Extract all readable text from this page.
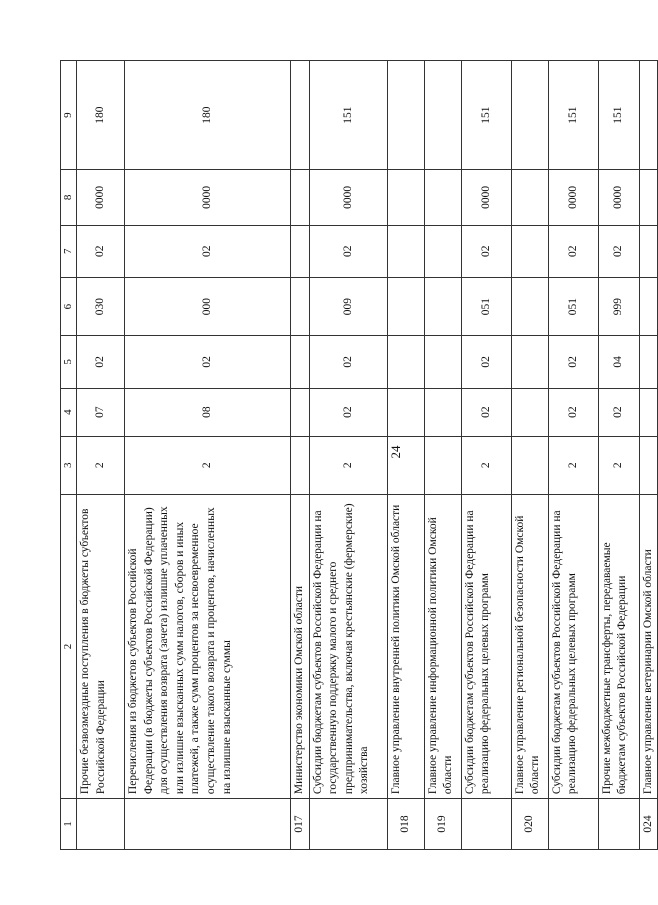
24
1	2	3	4	5	6	7	8	9
	Прочие безвозмездные поступления в бюджеты субъектов Российской Федерации	2	07	02	030	02	0000	180
	Перечисления из бюджетов субъектов Российской Федерации (в бюджеты субъектов Российской Федерации) для осуществления возврата (зачета) излишне уплаченных или излишне взысканных сумм налогов, сборов и иных платежей, а также сумм процентов за несвоевременное осуществление такого возврата и процентов, начисленных на излишне взысканные суммы	2	08	02	000	02	0000	180
017	Министерство экономики Омской области							
	Субсидии бюджетам субъектов Российской Федерации на государственную поддержку малого и среднего предпринимательства, включая крестьянские (фермерские) хозяйства	2	02	02	009	02	0000	151
018	Главное управление внутренней политики Омской области							
019	Главное управление информационной политики Омской области							
	Субсидии бюджетам субъектов Российской Федерации на реализацию федеральных целевых программ	2	02	02	051	02	0000	151
020	Главное управление региональной безопасности Омской области							
	Субсидии бюджетам субъектов Российской Федерации на реализацию федеральных целевых программ	2	02	02	051	02	0000	151
	Прочие межбюджетные трансферты, передаваемые бюджетам субъектов Российской Федерации	2	02	04	999	02	0000	151
024	Главное управление ветеринарии Омской области							
